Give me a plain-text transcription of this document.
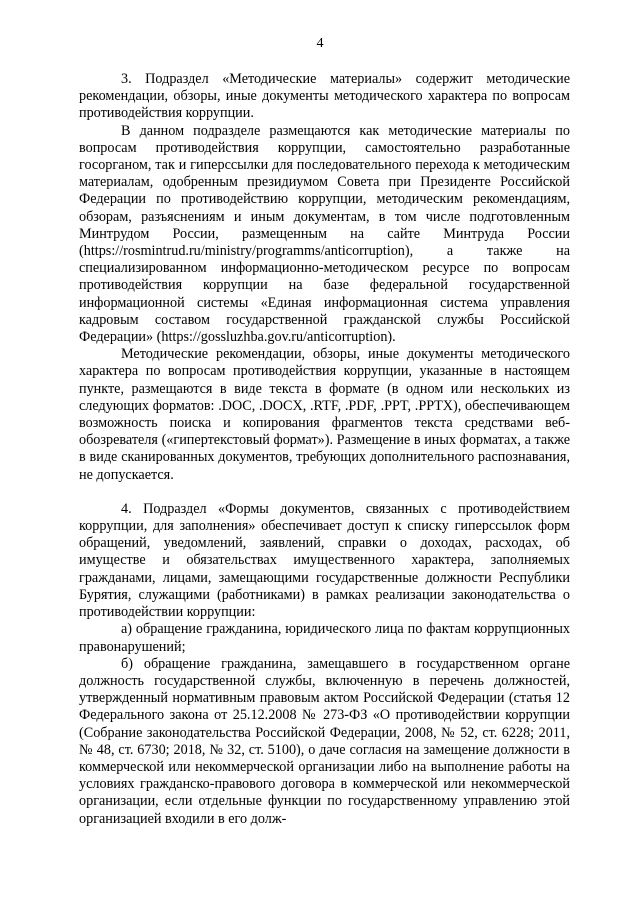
4

3. Подраздел «Методические материалы» содержит методические рекомендации, обзоры, иные документы методического характера по вопросам противодействия коррупции.

В данном подразделе размещаются как методические материалы по вопросам противодействия коррупции, самостоятельно разработанные госорганом, так и гиперссылки для последовательного перехода к методическим материалам, одобренным президиумом Совета при Президенте Российской Федерации по противодействию коррупции, методическим рекомендациям, обзорам, разъяснениям и иным документам, в том числе подготовленным Минтрудом России, размещенным на сайте Минтруда России (https://rosmintrud.ru/ministry/programms/anticorruption), а также на специализированном информационно-методическом ресурсе по вопросам противодействия коррупции на базе федеральной государственной информационной системы «Единая информационная система управления кадровым составом государственной гражданской службы Российской Федерации» (https://gossluzhba.gov.ru/anticorruption).

Методические рекомендации, обзоры, иные документы методического характера по вопросам противодействия коррупции, указанные в настоящем пункте, размещаются в виде текста в формате (в одном или нескольких из следующих форматов: .DOC, .DOCX, .RTF, .PDF, .PPT, .PPTX), обеспечивающем возможность поиска и копирования фрагментов текста средствами веб-обозревателя («гипертекстовый формат»). Размещение в иных форматах, а также в виде сканированных документов, требующих дополнительного распознавания, не допускается.

4. Подраздел «Формы документов, связанных с противодействием коррупции, для заполнения» обеспечивает доступ к списку гиперссылок форм обращений, уведомлений, заявлений, справки о доходах, расходах, об имуществе и обязательствах имущественного характера, заполняемых гражданами, лицами, замещающими государственные должности Республики Бурятия, служащими (работниками) в рамках реализации законодательства о противодействии коррупции:

а) обращение гражданина, юридического лица по фактам коррупционных правонарушений;

б) обращение гражданина, замещавшего в государственном органе должность государственной службы, включенную в перечень должностей, утвержденный нормативным правовым актом Российской Федерации (статья 12 Федерального закона от 25.12.2008 № 273-ФЗ «О противодействии коррупции (Собрание законодательства Российской Федерации, 2008, № 52, ст. 6228; 2011, № 48, ст. 6730; 2018, № 32, ст. 5100), о даче согласия на замещение должности в коммерческой или некоммерческой организации либо на выполнение работы на условиях гражданско-правового договора в коммерческой или некоммерческой организации, если отдельные функции по государственному управлению этой организацией входили в его долж-
